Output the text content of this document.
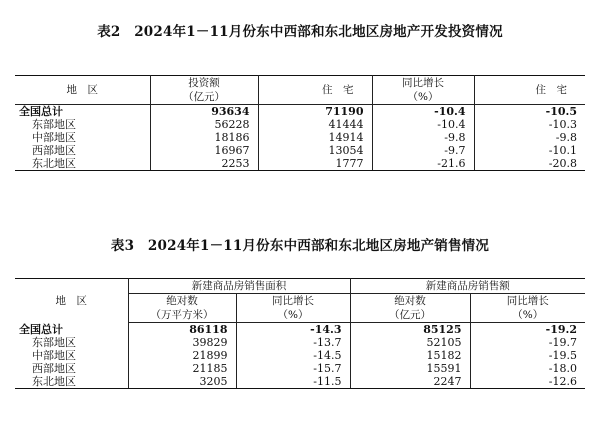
表2　2024年1－11月份东中西部和东北地区房地产开发投资情况
地　区	投资额	住　宅	同比增长	住　宅
	（亿元）		（%）	
全国总计	93634	71190	-10.4	-10.5
东部地区	56228	41444	-10.4	-10.3
中部地区	18186	14914	-9.8	-9.8
西部地区	16967	13054	-9.7	-10.1
东北地区	2253	1777	-21.6	-20.8
表3　2024年1－11月份东中西部和东北地区房地产销售情况
地　区	新建商品房销售面积		新建商品房销售额	
	绝对数	同比增长	绝对数	同比增长
	（万平方米）	（%）	（亿元）	（%）
全国总计	86118	-14.3	85125	-19.2
东部地区	39829	-13.7	52105	-19.7
中部地区	21899	-14.5	15182	-19.5
西部地区	21185	-15.7	15591	-18.0
东北地区	3205	-11.5	2247	-12.6
